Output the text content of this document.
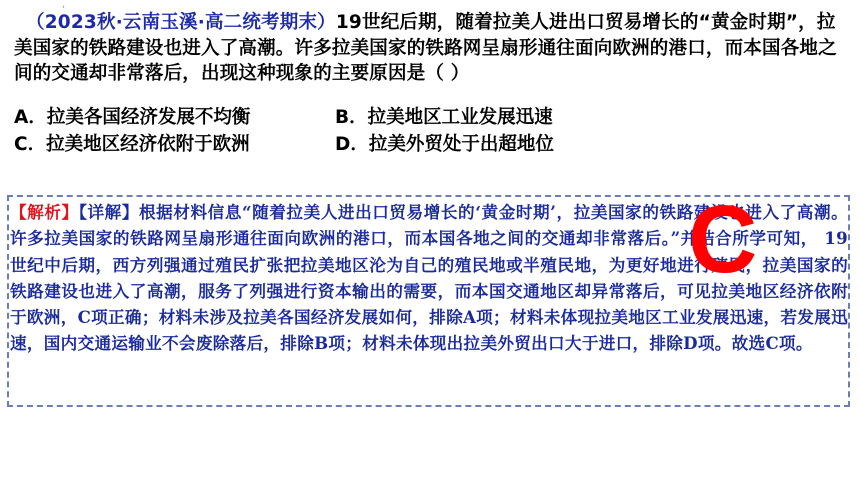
,
（2023秋·云南玉溪·高二统考期末）19世纪后期，随着拉美人进出口贸易增长的“黄金时期”，拉美国家的铁路建设也进入了高潮。许多拉美国家的铁路网呈扇形通往面向欧洲的港口，而本国各地之间的交通却非常落后，出现这种现象的主要原因是（ ）
A．拉美各国经济发展不均衡	B．拉美地区工业发展迅速
C．拉美地区经济依附于欧洲	D．拉美外贸处于出超地位
【解析】【详解】根据材料信息“随着拉美人进出口贸易增长的‘黄金时期’，拉美国家的铁路建设也进入了高潮。许多拉美国家的铁路网呈扇形通往面向欧洲的港口，而本国各地之间的交通却非常落后。”并结合所学可知， 19世纪中后期，西方列强通过殖民扩张把拉美地区沦为自己的殖民地或半殖民地，为更好地进行殖民，拉美国家的铁路建设也进入了高潮，服务了列强进行资本输出的需要，而本国交通地区却异常落后，可见拉美地区经济依附于欧洲，C项正确；材料未涉及拉美各国经济发展如何，排除A项；材料未体现拉美地区工业发展迅速，若发展迅速，国内交通运输业不会废除落后，排除B项；材料未体现出拉美外贸出口大于进口，排除D项。故选C项。
C
